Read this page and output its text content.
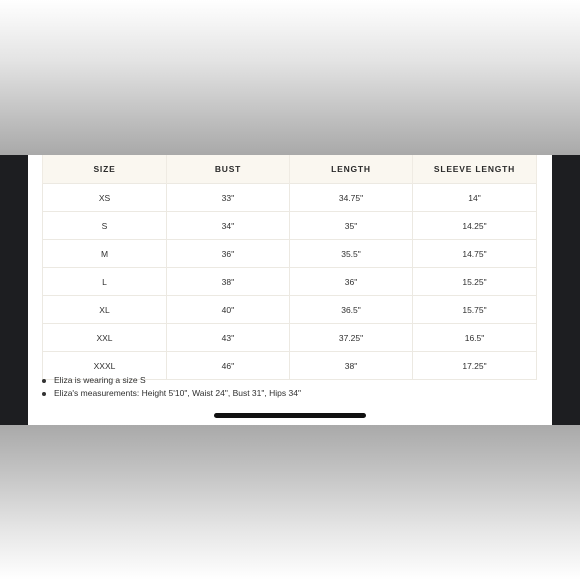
SIZE	BUST	LENGTH	SLEEVE LENGTH
XS	33''	34.75"	14"
S	34''	35"	14.25"
M	36''	35.5"	14.75"
L	38''	36"	15.25"
XL	40''	36.5"	15.75"
XXL	43''	37.25"	16.5"
XXXL	46''	38"	17.25"
Eliza is wearing a size S
Eliza's measurements: Height 5'10", Waist 24", Bust 31", Hips 34"
